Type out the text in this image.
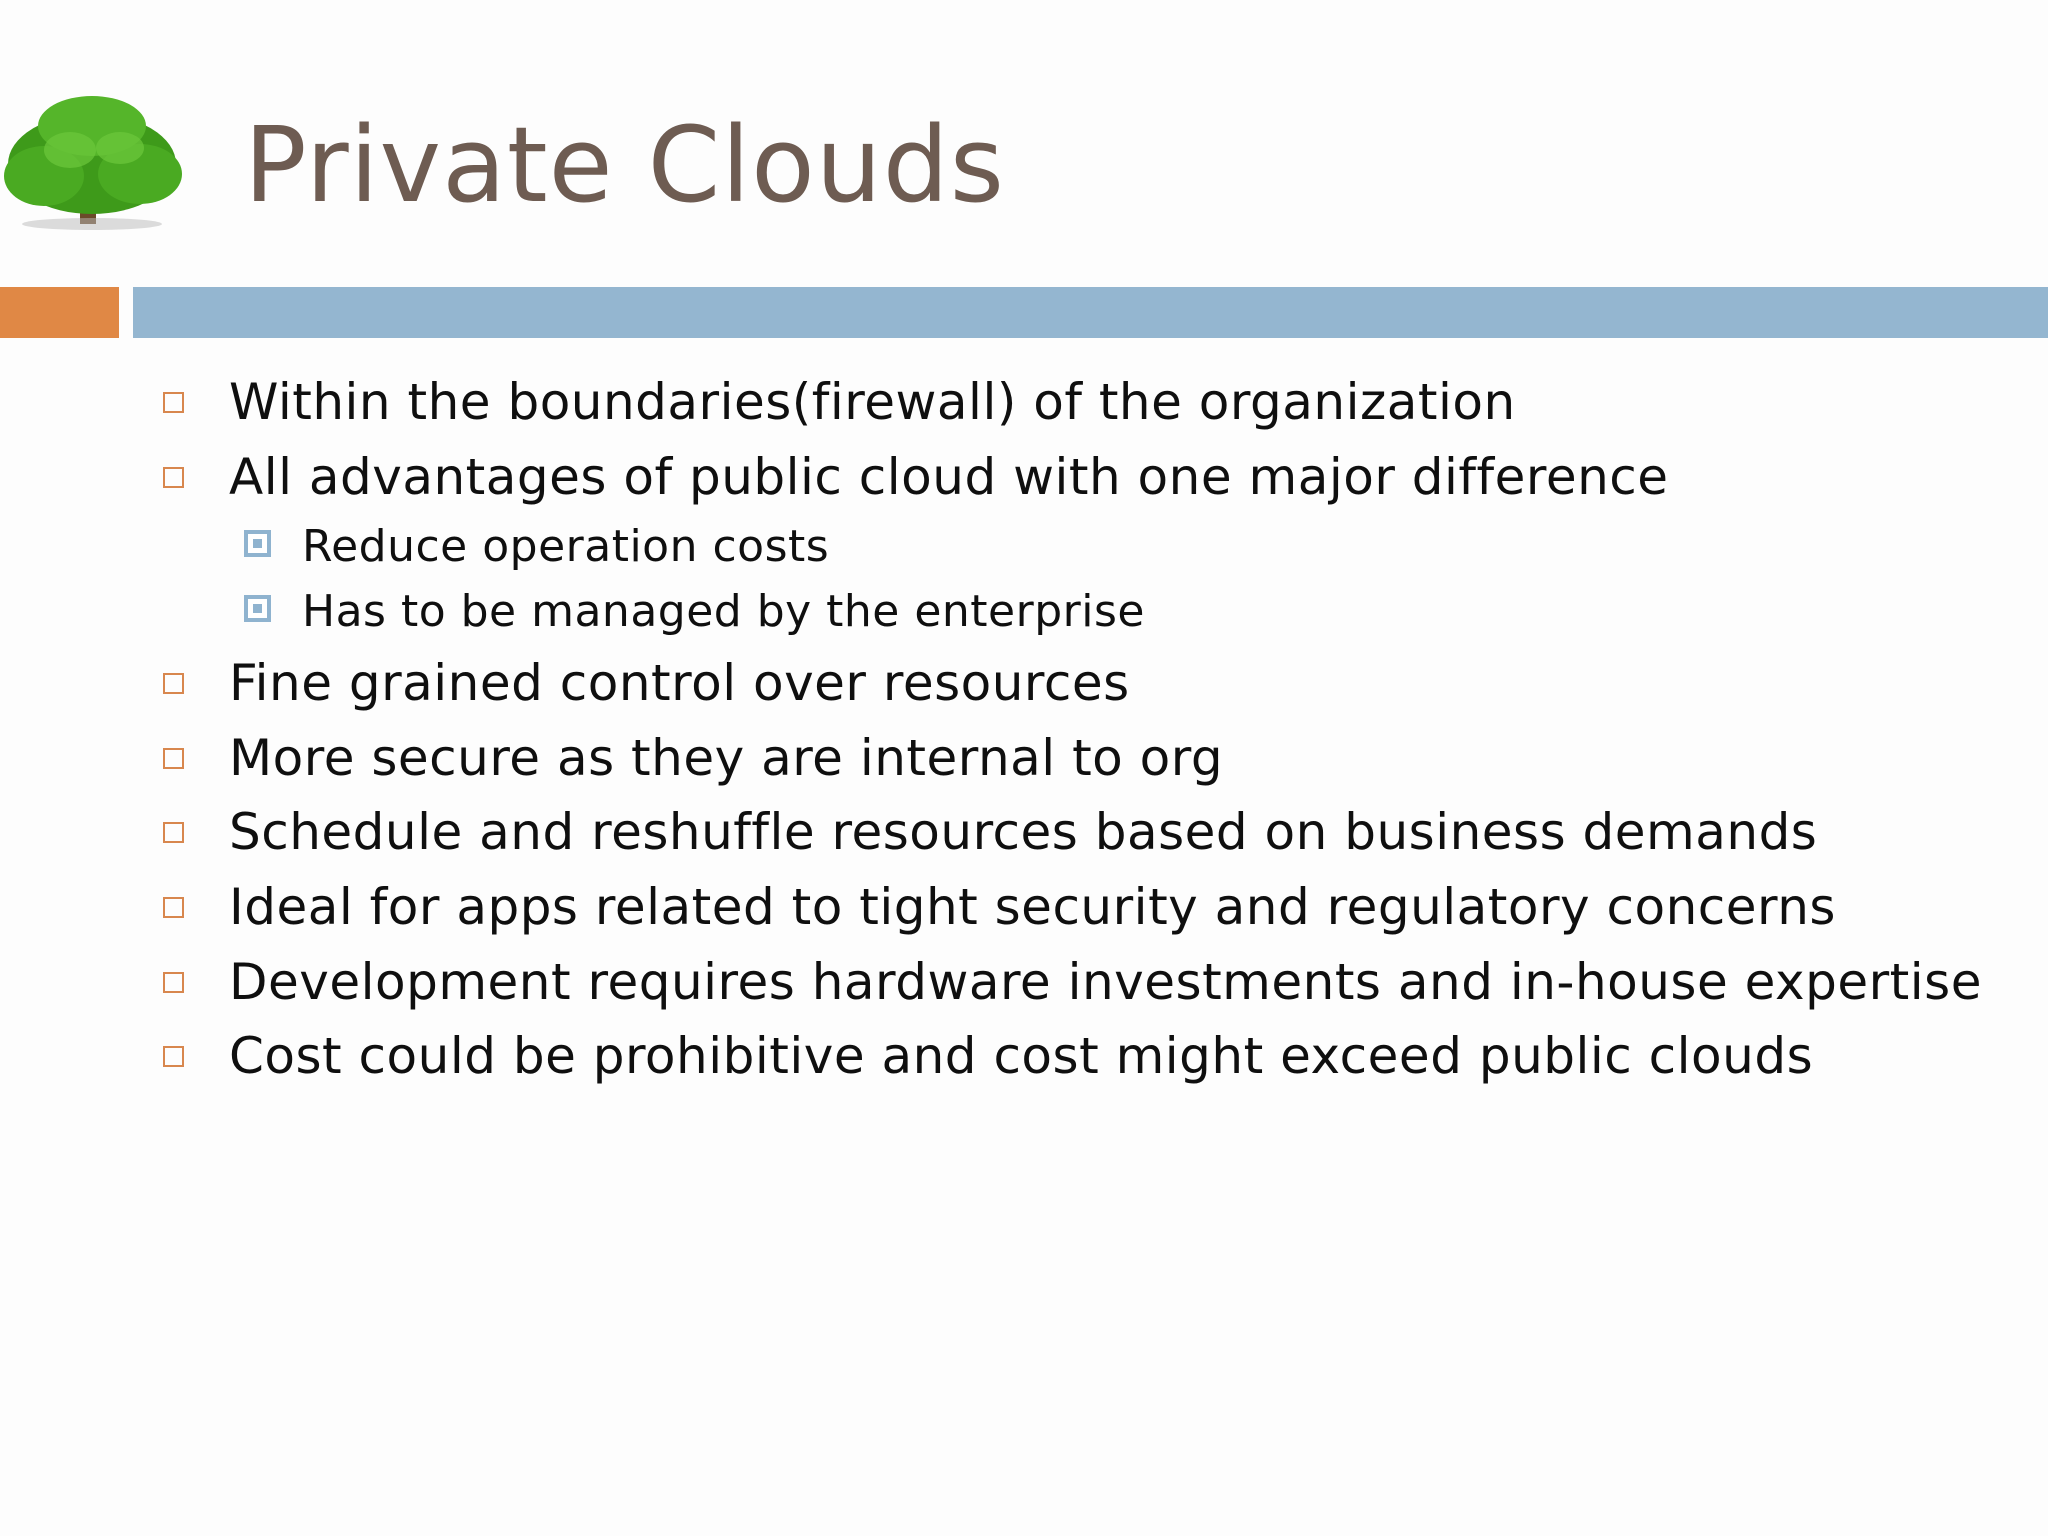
Private Clouds
Within the boundaries(firewall) of the organization
All advantages of public cloud with one major difference
Reduce operation costs
Has to be managed by the enterprise
Fine grained control over resources
More secure as they are internal to org
Schedule and reshuffle resources based on business demands
Ideal for apps related to tight security and regulatory concerns
Development requires hardware investments and in-house expertise
Cost could be prohibitive and cost might exceed public clouds
